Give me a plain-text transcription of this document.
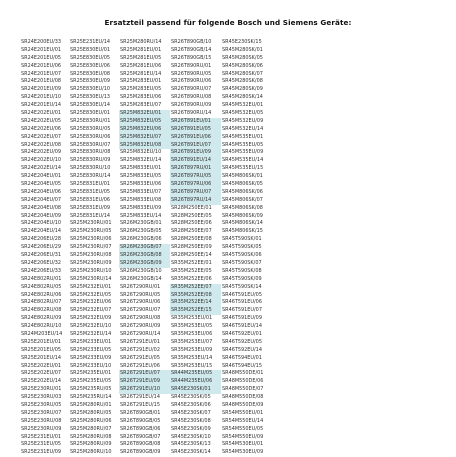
Ersatzteil passend für folgende Bosch und Siemens Geräte:
SR24E200EU/33
SR24E201EU/01
SR24E201EU/05
SR24E201EU/06
SR24E201EU/07
SR24E201EU/08
SR24E201EU/09
SR24E201EU/10
SR24E201EU/14
SR24E202EU/01
SR24E202EU/05
SR24E202EU/06
SR24E202EU/07
SR24E202EU/08
SR24E202EU/09
SR24E202EU/10
SR24E202EU/14
SR24E204EU/01
SR24E204EU/05
SR24E204EU/06
SR24E204EU/07
SR24E204EU/08
SR24E204EU/09
SR24E204EU/10
SR24E204EU/14
SR24E206EU/28
SR24E206EU/29
SR24E206EU/31
SR24E206EU/32
SR24E206EU/33
SR24E802RU/01
SR24E802RU/05
SR24E802RU/06
SR24E802RU/07
SR24E802RU/08
SR24E802RU/09
SR24E802RU/10
SR24M203EU/14
SR25E201EU/01
SR25E201EU/05
SR25E201EU/14
SR25E202EU/01
SR25E202EU/07
SR25E202EU/14
SR25E230RU/01
SR25E230RU/03
SR25E230RU/05
SR25E230RU/07
SR25E230RU/08
SR25E230RU/09
SR25E231EU/01
SR25E231EU/05
SR25E231EU/09
SR25E231EU/14
SR25E830EU/01
SR25E830EU/05
SR25E830EU/06
SR25E830EU/08
SR25E830EU/09
SR25E830EU/10
SR25E830EU/13
SR25E830EU/14
SR25E830EU/01
SR25E830RU/01
SR25E830RU/05
SR25E830RU/06
SR25E830RU/07
SR25E830RU/08
SR25E830RU/09
SR25E830RU/10
SR25E830RU/14
SR25E831EU/01
SR25E831EU/05
SR25E831EU/06
SR25E831EU/09
SR25E831EU/14
SR25M230RU/01
SR25M230RU/05
SR25M230RU/06
SR25M230RU/07
SR25M230RU/08
SR25M230RU/09
SR25M230RU/10
SR25M230RU/14
SR25M232EU/01
SR25M232EU/05
SR25M232EU/06
SR25M232EU/07
SR25M232EU/09
SR25M232EU/10
SR25M232EU/14
SR25M233EU/01
SR25M233EU/05
SR25M233EU/09
SR25M233EU/10
SR25M235EU/01
SR25M235EU/05
SR25M235RU/05
SR25M235RU/14
SR25M280RU/01
SR25M280RU/05
SR25M280RU/06
SR25M280RU/07
SR25M280RU/08
SR25M280RU/09
SR25M280RU/10
SR25M280RU/14
SR25M281EU/01
SR25M281EU/05
SR25M281EU/06
SR25M281EU/14
SR25M283EU/01
SR25M283EU/05
SR25M283EU/06
SR25M283EU/07
SR25M832EU/01
SR25M832EU/05
SR25M832EU/06
SR25M832EU/07
SR25M832EU/08
SR25M832EU/10
SR25M832EU/14
SR25M833EU/01
SR25M833EU/05
SR25M833EU/06
SR25M833EU/07
SR25M833EU/08
SR25M833EU/09
SR25M833EU/14
SR26M230GB/01
SR26M230GB/05
SR26M230GB/06
SR26M230GB/07
SR26M230GB/08
SR26M230GB/09
SR26M230GB/10
SR26M230GB/14
SR26T290RU/01
SR26T290RU/05
SR26T290RU/06
SR26T290RU/07
SR26T290RU/08
SR26T290RU/09
SR26T290RU/14
SR26T291EU/01
SR26T291EU/02
SR26T291EU/05
SR26T291EU/06
SR26T291EU/07
SR26T291EU/09
SR26T291EU/10
SR26T291EU/14
SR26T291EU/15
SR26T890GB/01
SR26T890GB/05
SR26T890GB/06
SR26T890GB/07
SR26T890GB/08
SR26T890GB/09
SR26T890GB/10
SR26T890GB/14
SR26T890GB/15
SR26T890RU/01
SR26T890RU/05
SR26T890RU/06
SR26T890RU/07
SR26T890RU/08
SR26T890RU/09
SR26T890RU/14
SR26T891EU/01
SR26T891EU/05
SR26T891EU/06
SR26T891EU/07
SR26T891EU/09
SR26T891EU/14
SR26T897RU/01
SR26T897RU/05
SR26T897RU/06
SR26T897RU/07
SR26T897RU/14
SR28M250EE/01
SR28M250EE/05
SR28M250EE/06
SR28M250EE/07
SR28M250EE/08
SR28M250EE/09
SR28M250EE/14
SR35M252EE/01
SR35M252EE/05
SR35M252EE/06
SR35M252EE/07
SR35M252EE/08
SR35M252EE/14
SR35M252EE/15
SR35M253EU/01
SR35M253EU/05
SR35M253EU/06
SR35M253EU/07
SR35M253EU/09
SR35M253EU/14
SR35M253EU/15
SR44M235EU/05
SR44M235EU/06
SR45E230SK/01
SR45E230SK/05
SR45E230SK/06
SR45E230SK/07
SR45E230SK/08
SR45E230SK/09
SR45E230SK/10
SR45E230SK/13
SR45E230SK/14
SR45E230SK/15
SR45M280SK/01
SR45M280SK/05
SR45M280SK/06
SR45M280SK/07
SR45M280SK/08
SR45M280SK/09
SR45M280SK/14
SR45M532EU/01
SR45M532EU/05
SR45M532EU/09
SR45M532EU/14
SR45M535EU/01
SR45M535EU/05
SR45M535EU/09
SR45M535EU/14
SR45M535EU/15
SR45M806SK/01
SR45M806SK/05
SR45M806SK/06
SR45M806SK/07
SR45M806SK/08
SR45M806SK/09
SR45M806SK/14
SR45M806SK/15
SR45T590SK/01
SR45T590SK/05
SR45T590SK/06
SR45T590SK/07
SR45T590SK/08
SR45T590SK/09
SR45T590SK/14
SR46T591EU/05
SR46T591EU/06
SR46T591EU/07
SR46T591EU/09
SR46T591EU/14
SR46T592EU/01
SR46T592EU/05
SR46T592EU/14
SR46T594EU/01
SR46T594EU/15
SR48M550DE/01
SR48M550DE/06
SR48M550DE/07
SR48M550DE/08
SR48M550DE/09
SR54M550EU/01
SR54M550EU/14
SR54M550EU/05
SR54M550EU/09
SR54M530EU/01
SR54M530EU/09
